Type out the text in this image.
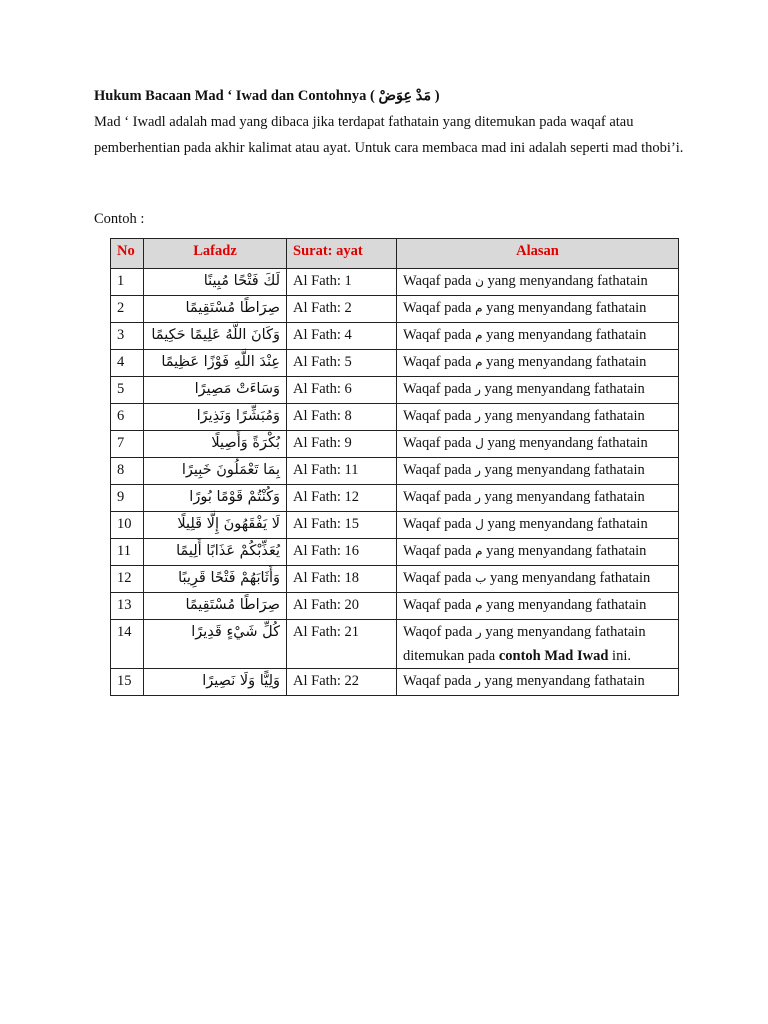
Hukum Bacaan Mad ‘ Iwad dan Contohnya ( مَدْ عِوَضْ )
Mad ‘ Iwadl adalah mad yang dibaca jika terdapat fathatain yang ditemukan pada waqaf atau pemberhentian pada akhir kalimat atau ayat. Untuk cara membaca mad ini adalah seperti mad thobi’i.
Contoh :
No	Lafadz	Surat: ayat	Alasan
1	لَكَ فَتْحًا مُبِينًا	Al Fath: 1	Waqaf pada ن yang menyandang fathatain
2	صِرَاطًا مُسْتَقِيمًا	Al Fath: 2	Waqaf pada م yang menyandang fathatain
3	وَكَانَ اللَّهُ عَلِيمًا حَكِيمًا	Al Fath: 4	Waqaf pada م yang menyandang fathatain
4	عِنْدَ اللَّهِ فَوْزًا عَظِيمًا	Al Fath: 5	Waqaf pada م yang menyandang fathatain
5	وَسَاءَتْ مَصِيرًا	Al Fath: 6	Waqaf pada ر yang menyandang fathatain
6	وَمُبَشِّرًا وَنَذِيرًا	Al Fath: 8	Waqaf pada ر yang menyandang fathatain
7	بُكْرَةً وَأَصِيلًا	Al Fath: 9	Waqaf pada ل yang menyandang fathatain
8	بِمَا تَعْمَلُونَ خَبِيرًا	Al Fath: 11	Waqaf pada ر yang menyandang fathatain
9	وَكُنْتُمْ قَوْمًا بُورًا	Al Fath: 12	Waqaf pada ر yang menyandang fathatain
10	لَا يَفْقَهُونَ إِلَّا قَلِيلًا	Al Fath: 15	Waqaf pada ل yang menyandang fathatain
11	يُعَذِّبْكُمْ عَذَابًا أَلِيمًا	Al Fath: 16	Waqaf pada م yang menyandang fathatain
12	وَأَثَابَهُمْ فَتْحًا قَرِيبًا	Al Fath: 18	Waqaf pada ب yang menyandang fathatain
13	صِرَاطًا مُسْتَقِيمًا	Al Fath: 20	Waqaf pada م yang menyandang fathatain
14	كُلِّ شَيْءٍ قَدِيرًا	Al Fath: 21	Waqof pada ر yang menyandang fathatain
ditemukan pada contoh Mad Iwad ini.
15	وَلِيًّا وَلَا نَصِيرًا	Al Fath: 22	Waqaf pada ر yang menyandang fathatain
